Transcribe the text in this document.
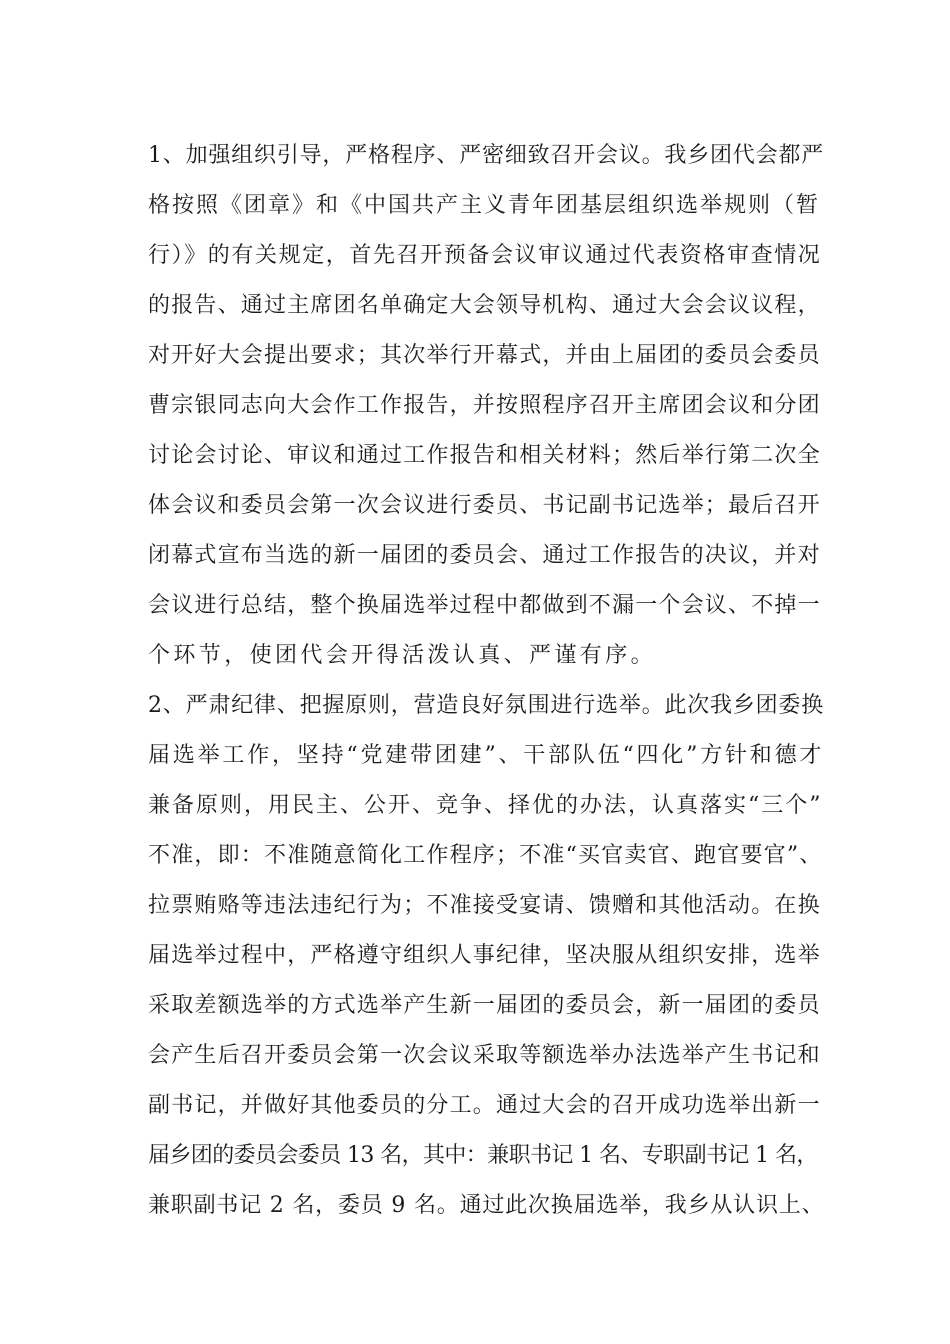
1、加强组织引导，严格程序、严密细致召开会议。我乡团代会都严
格按照《团章》和《中国共产主义青年团基层组织选举规则（暂
行）》的有关规定，首先召开预备会议审议通过代表资格审查情况
的报告、通过主席团名单确定大会领导机构、通过大会会议议程，
对开好大会提出要求；其次举行开幕式，并由上届团的委员会委员
曹宗银同志向大会作工作报告，并按照程序召开主席团会议和分团
讨论会讨论、审议和通过工作报告和相关材料；然后举行第二次全
体会议和委员会第一次会议进行委员、书记副书记选举；最后召开
闭幕式宣布当选的新一届团的委员会、通过工作报告的决议，并对
会议进行总结，整个换届选举过程中都做到不漏一个会议、不掉一
个环节，使团代会开得活泼认真、严谨有序。
2、严肃纪律、把握原则，营造良好氛围进行选举。此次我乡团委换
届选举工作，坚持“党建带团建”、干部队伍“四化”方针和德才
兼备原则，用民主、公开、竞争、择优的办法，认真落实“三个”
不准，即：不准随意简化工作程序；不准“买官卖官、跑官要官”、
拉票贿赂等违法违纪行为；不准接受宴请、馈赠和其他活动。在换
届选举过程中，严格遵守组织人事纪律，坚决服从组织安排，选举
采取差额选举的方式选举产生新一届团的委员会，新一届团的委员
会产生后召开委员会第一次会议采取等额选举办法选举产生书记和
副书记，并做好其他委员的分工。通过大会的召开成功选举出新一
届乡团的委员会委员 13 名，其中：兼职书记 1 名、专职副书记 1 名，
兼职副书记 2 名，委员 9 名。通过此次换届选举，我乡从认识上、
